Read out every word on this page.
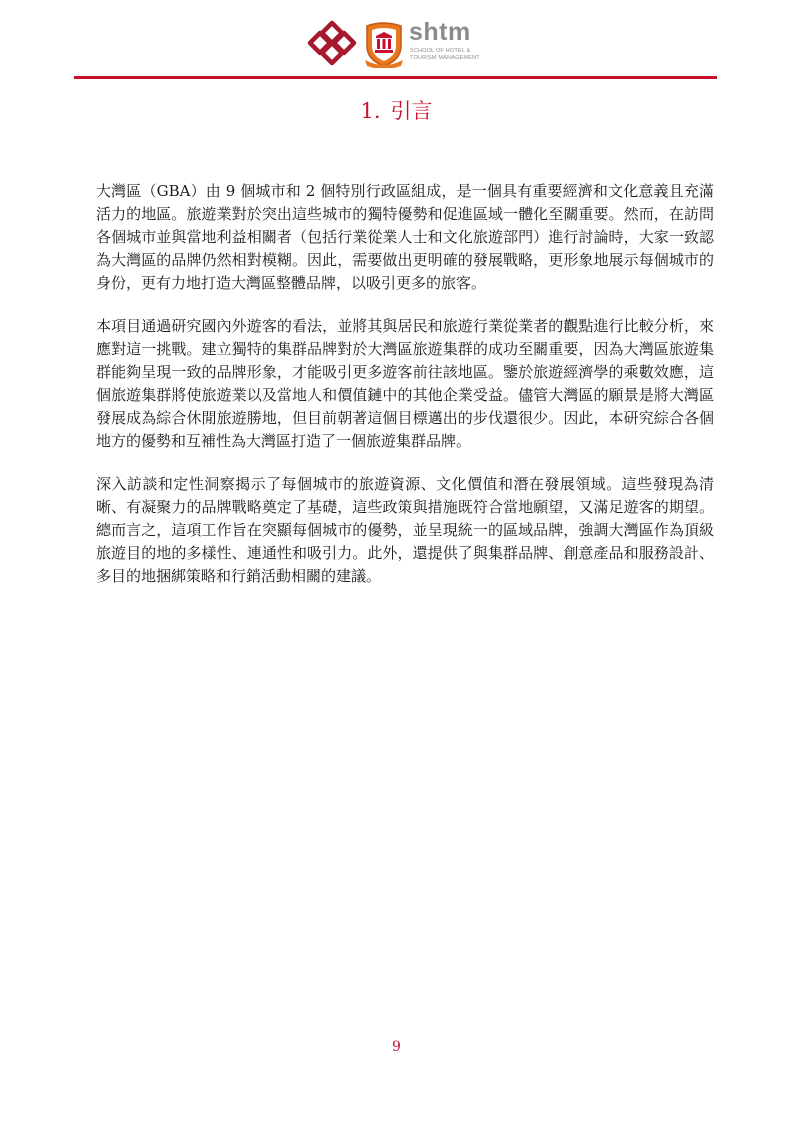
shtm
SCHOOL OF HOTEL &
TOURISM MANAGEMENT
1. 引言

大灣區（GBA）由 9 個城市和 2 個特別行政區組成，是一個具有重要經濟和文化意義且充滿活力的地區。旅遊業對於突出這些城市的獨特優勢和促進區域一體化至關重要。然而，在訪問各個城市並與當地利益相關者（包括行業從業人士和文化旅遊部門）進行討論時，大家一致認為大灣區的品牌仍然相對模糊。因此，需要做出更明確的發展戰略，更形象地展示每個城市的身份，更有力地打造大灣區整體品牌，以吸引更多的旅客。

本項目通過研究國內外遊客的看法，並將其與居民和旅遊行業從業者的觀點進行比較分析，來應對這一挑戰。建立獨特的集群品牌對於大灣區旅遊集群的成功至關重要，因為大灣區旅遊集群能夠呈現一致的品牌形象，才能吸引更多遊客前往該地區。鑒於旅遊經濟學的乘數效應，這個旅遊集群將使旅遊業以及當地人和價值鏈中的其他企業受益。儘管大灣區的願景是將大灣區發展成為綜合休閒旅遊勝地，但目前朝著這個目標邁出的步伐還很少。因此，本研究綜合各個地方的優勢和互補性為大灣區打造了一個旅遊集群品牌。

深入訪談和定性洞察揭示了每個城市的旅遊資源、文化價值和潛在發展領域。這些發現為清晰、有凝聚力的品牌戰略奠定了基礎，這些政策與措施既符合當地願望，又滿足遊客的期望。總而言之，這項工作旨在突顯每個城市的優勢，並呈現統一的區域品牌，強調大灣區作為頂級旅遊目的地的多樣性、連通性和吸引力。此外，還提供了與集群品牌、創意產品和服務設計、多目的地捆綁策略和行銷活動相關的建議。

9
